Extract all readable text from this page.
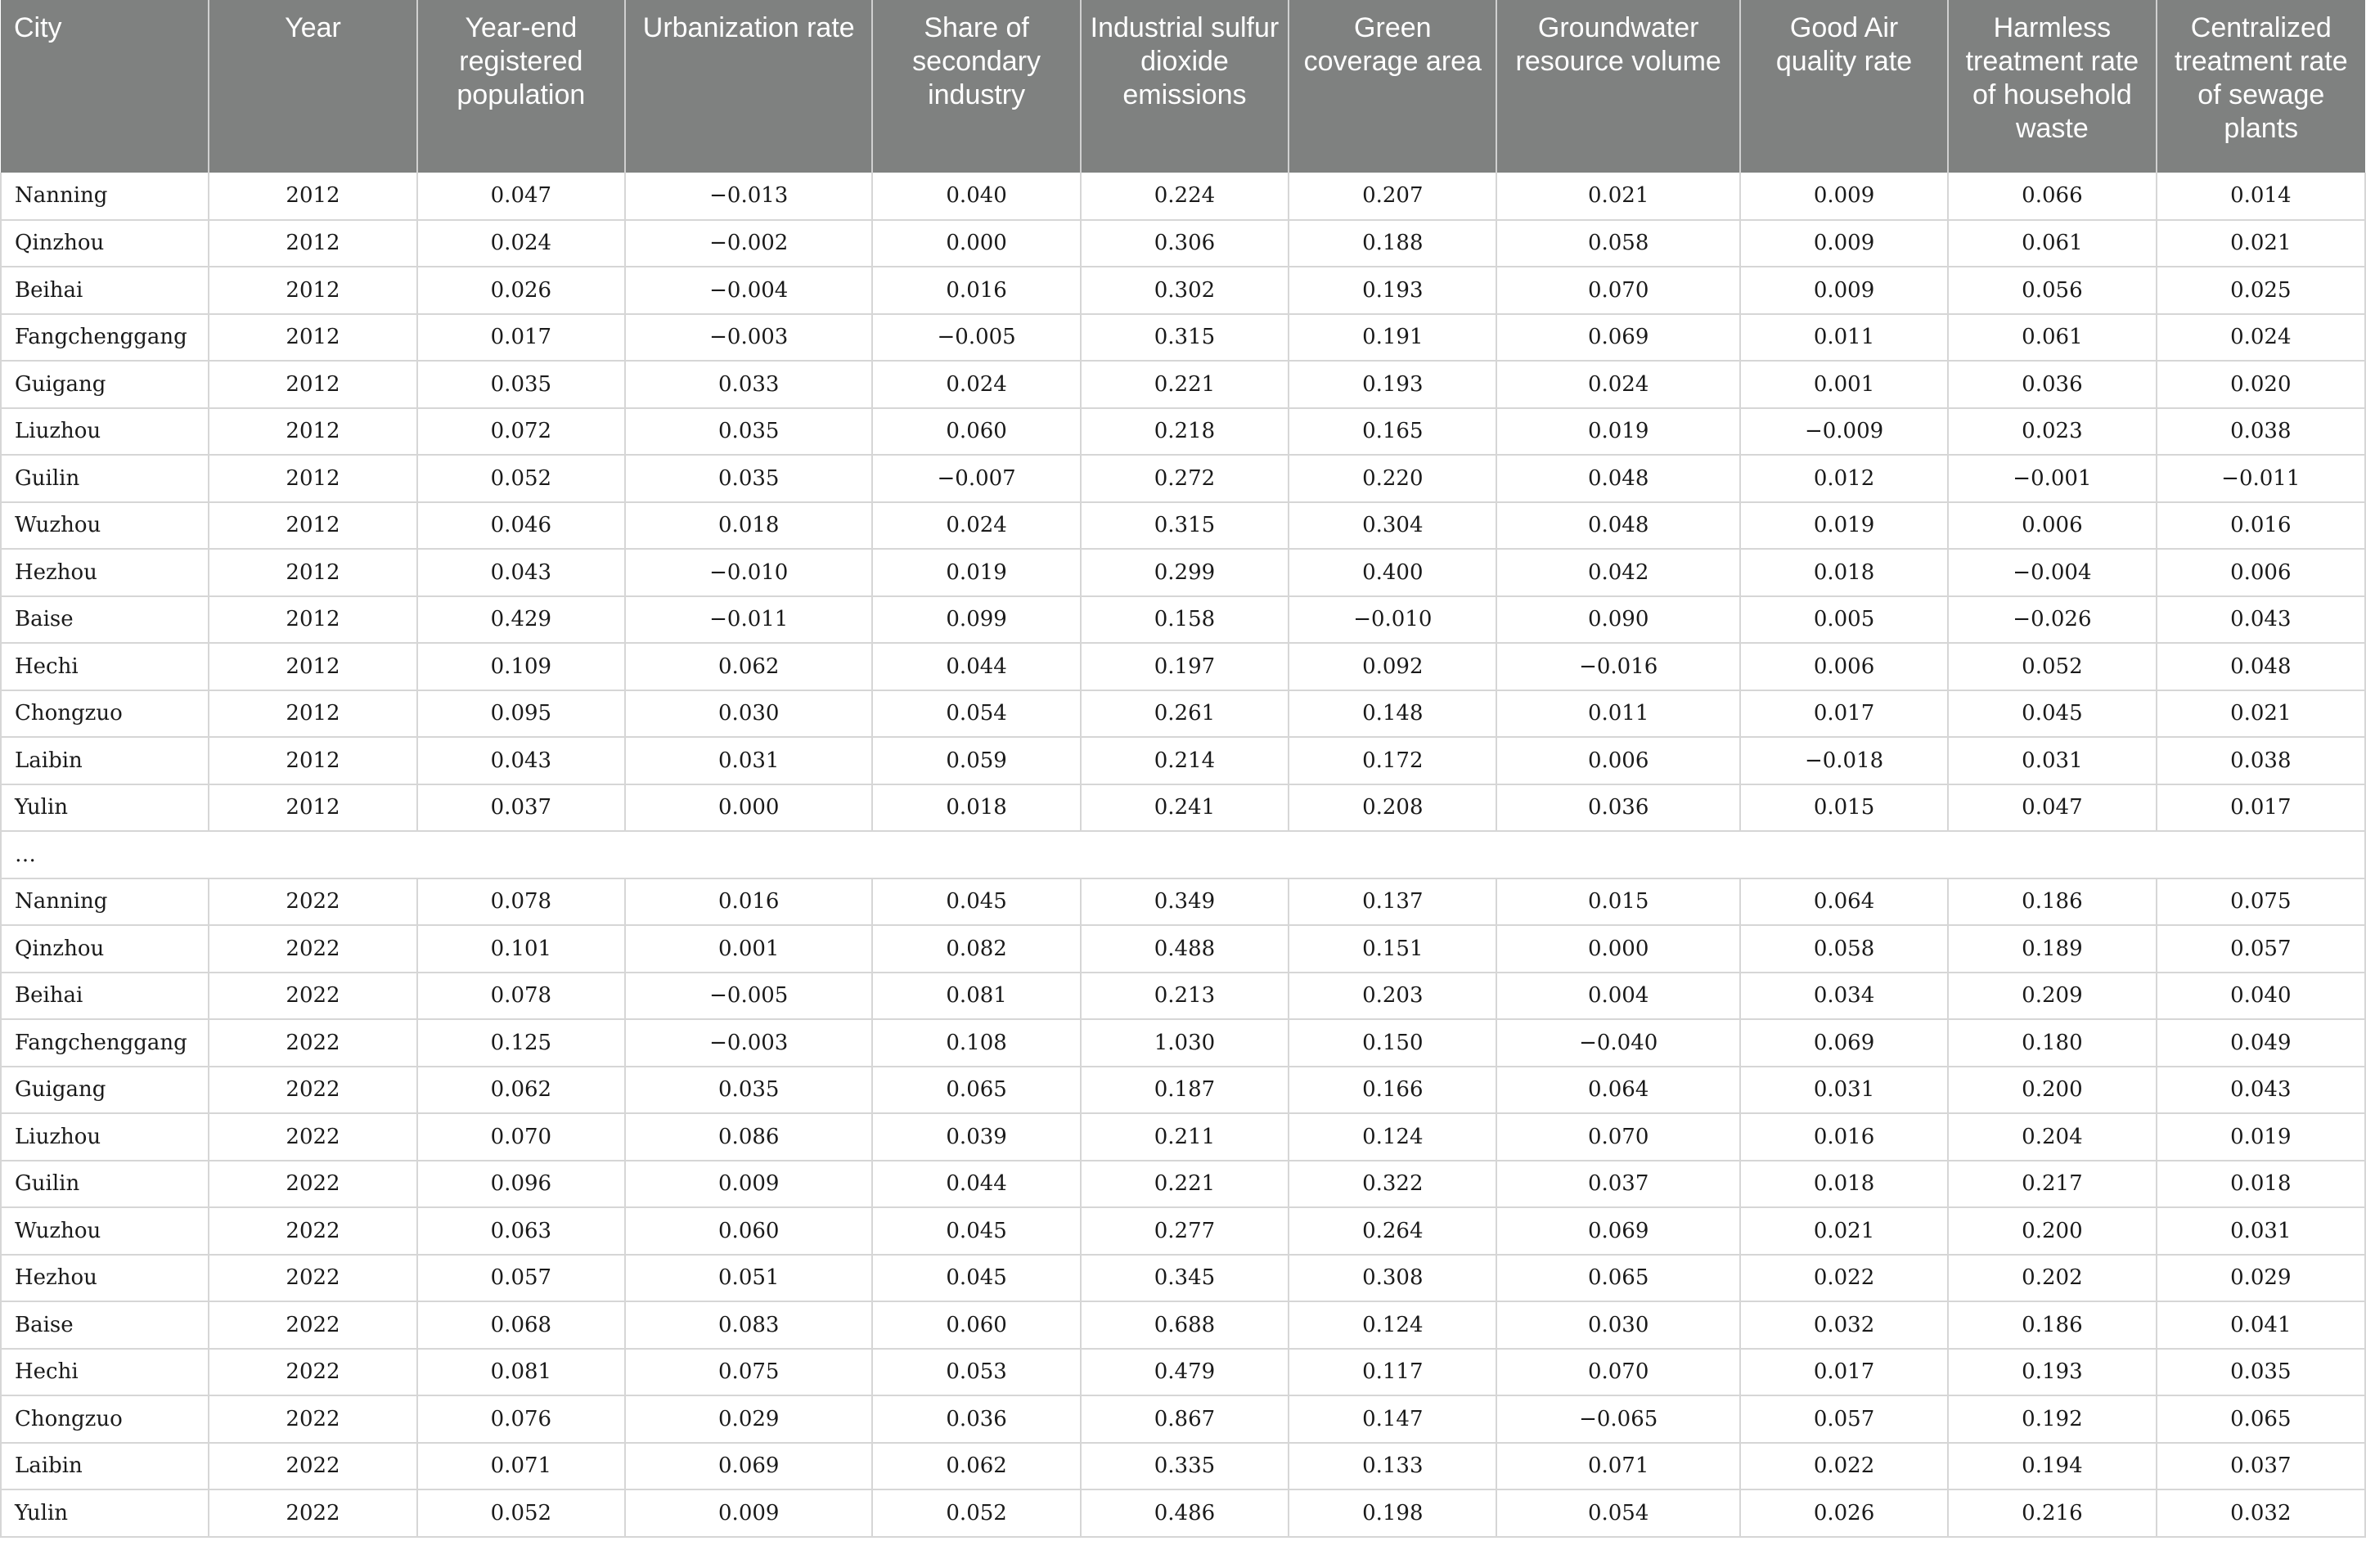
City	Year	Year-end registered population	Urbanization rate	Share of secondary industry	Industrial sulfur dioxide emissions	Green coverage area	Groundwater resource volume	Good Air quality rate	Harmless treatment rate of household waste	Centralized treatment rate of sewage plants
Nanning	2012	0.047	−0.013	0.040	0.224	0.207	0.021	0.009	0.066	0.014
Qinzhou	2012	0.024	−0.002	0.000	0.306	0.188	0.058	0.009	0.061	0.021
Beihai	2012	0.026	−0.004	0.016	0.302	0.193	0.070	0.009	0.056	0.025
Fangchenggang	2012	0.017	−0.003	−0.005	0.315	0.191	0.069	0.011	0.061	0.024
Guigang	2012	0.035	0.033	0.024	0.221	0.193	0.024	0.001	0.036	0.020
Liuzhou	2012	0.072	0.035	0.060	0.218	0.165	0.019	−0.009	0.023	0.038
Guilin	2012	0.052	0.035	−0.007	0.272	0.220	0.048	0.012	−0.001	−0.011
Wuzhou	2012	0.046	0.018	0.024	0.315	0.304	0.048	0.019	0.006	0.016
Hezhou	2012	0.043	−0.010	0.019	0.299	0.400	0.042	0.018	−0.004	0.006
Baise	2012	0.429	−0.011	0.099	0.158	−0.010	0.090	0.005	−0.026	0.043
Hechi	2012	0.109	0.062	0.044	0.197	0.092	−0.016	0.006	0.052	0.048
Chongzuo	2012	0.095	0.030	0.054	0.261	0.148	0.011	0.017	0.045	0.021
Laibin	2012	0.043	0.031	0.059	0.214	0.172	0.006	−0.018	0.031	0.038
Yulin	2012	0.037	0.000	0.018	0.241	0.208	0.036	0.015	0.047	0.017
…										
Nanning	2022	0.078	0.016	0.045	0.349	0.137	0.015	0.064	0.186	0.075
Qinzhou	2022	0.101	0.001	0.082	0.488	0.151	0.000	0.058	0.189	0.057
Beihai	2022	0.078	−0.005	0.081	0.213	0.203	0.004	0.034	0.209	0.040
Fangchenggang	2022	0.125	−0.003	0.108	1.030	0.150	−0.040	0.069	0.180	0.049
Guigang	2022	0.062	0.035	0.065	0.187	0.166	0.064	0.031	0.200	0.043
Liuzhou	2022	0.070	0.086	0.039	0.211	0.124	0.070	0.016	0.204	0.019
Guilin	2022	0.096	0.009	0.044	0.221	0.322	0.037	0.018	0.217	0.018
Wuzhou	2022	0.063	0.060	0.045	0.277	0.264	0.069	0.021	0.200	0.031
Hezhou	2022	0.057	0.051	0.045	0.345	0.308	0.065	0.022	0.202	0.029
Baise	2022	0.068	0.083	0.060	0.688	0.124	0.030	0.032	0.186	0.041
Hechi	2022	0.081	0.075	0.053	0.479	0.117	0.070	0.017	0.193	0.035
Chongzuo	2022	0.076	0.029	0.036	0.867	0.147	−0.065	0.057	0.192	0.065
Laibin	2022	0.071	0.069	0.062	0.335	0.133	0.071	0.022	0.194	0.037
Yulin	2022	0.052	0.009	0.052	0.486	0.198	0.054	0.026	0.216	0.032
